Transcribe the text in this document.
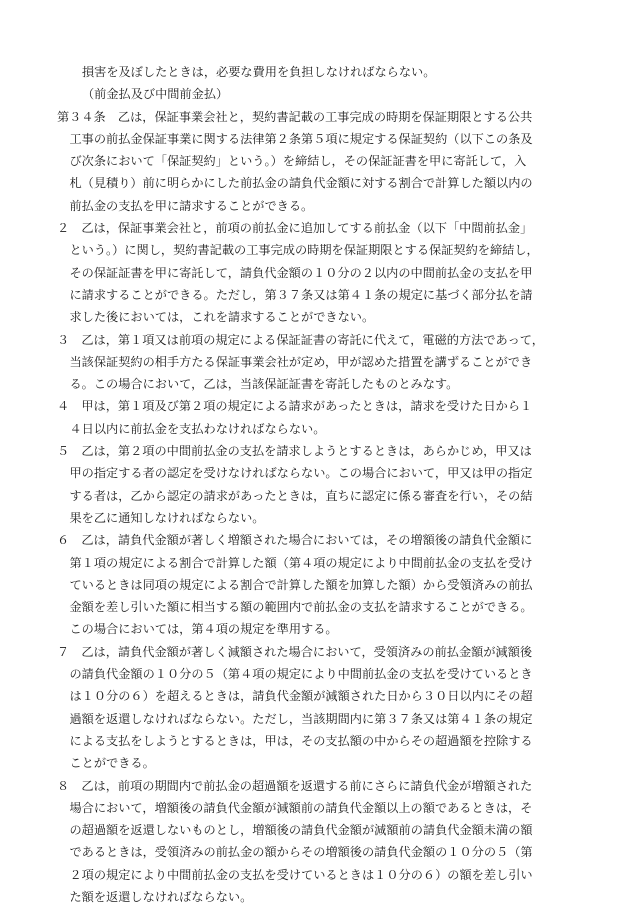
損害を及ぼしたときは，必要な費用を負担しなければならない。
（前金払及び中間前金払）
第３４条　乙は，保証事業会社と，契約書記載の工事完成の時期を保証期限とする公共
工事の前払金保証事業に関する法律第２条第５項に規定する保証契約（以下この条及
び次条において「保証契約」という。）を締結し，その保証証書を甲に寄託して，入
札（見積り）前に明らかにした前払金の請負代金額に対する割合で計算した額以内の
前払金の支払を甲に請求することができる。
２　乙は，保証事業会社と，前項の前払金に追加してする前払金（以下「中間前払金」
という。）に関し，契約書記載の工事完成の時期を保証期限とする保証契約を締結し，
その保証証書を甲に寄託して，請負代金額の１０分の２以内の中間前払金の支払を甲
に請求することができる。ただし，第３７条又は第４１条の規定に基づく部分払を請
求した後においては，これを請求することができない。
３　乙は，第１項又は前項の規定による保証証書の寄託に代えて，電磁的方法であって，
当該保証契約の相手方たる保証事業会社が定め，甲が認めた措置を講ずることができ
る。この場合において，乙は，当該保証証書を寄託したものとみなす。
４　甲は，第１項及び第２項の規定による請求があったときは，請求を受けた日から１
４日以内に前払金を支払わなければならない。
５　乙は，第２項の中間前払金の支払を請求しようとするときは，あらかじめ，甲又は
甲の指定する者の認定を受けなければならない。この場合において，甲又は甲の指定
する者は，乙から認定の請求があったときは，直ちに認定に係る審査を行い，その結
果を乙に通知しなければならない。
６　乙は，請負代金額が著しく増額された場合においては，その増額後の請負代金額に
第１項の規定による割合で計算した額（第４項の規定により中間前払金の支払を受け
ているときは同項の規定による割合で計算した額を加算した額）から受領済みの前払
金額を差し引いた額に相当する額の範囲内で前払金の支払を請求することができる。
この場合においては，第４項の規定を準用する。
７　乙は，請負代金額が著しく減額された場合において，受領済みの前払金額が減額後
の請負代金額の１０分の５（第４項の規定により中間前払金の支払を受けているとき
は１０分の６）を超えるときは，請負代金額が減額された日から３０日以内にその超
過額を返還しなければならない。ただし，当該期間内に第３７条又は第４１条の規定
による支払をしようとするときは，甲は，その支払額の中からその超過額を控除する
ことができる。
８　乙は，前項の期間内で前払金の超過額を返還する前にさらに請負代金が増額された
場合において，増額後の請負代金額が減額前の請負代金額以上の額であるときは，そ
の超過額を返還しないものとし，増額後の請負代金額が減額前の請負代金額未満の額
であるときは，受領済みの前払金の額からその増額後の請負代金額の１０分の５（第
２項の規定により中間前払金の支払を受けているときは１０分の６）の額を差し引い
た額を返還しなければならない。
